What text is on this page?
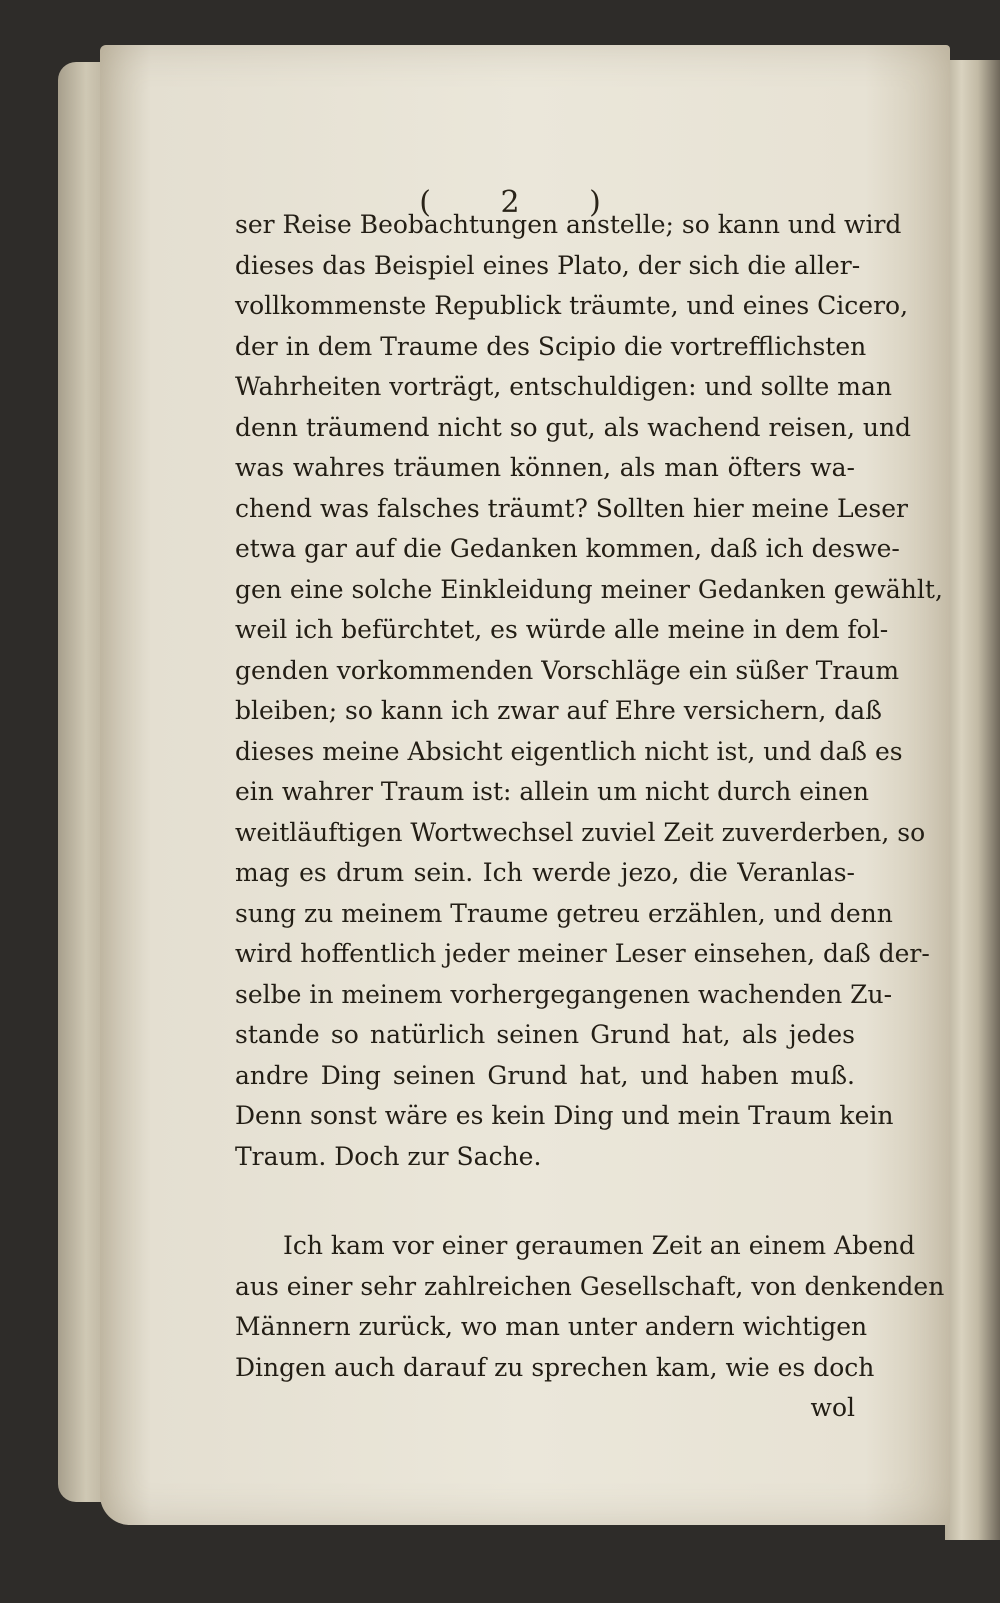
( 2 )
ser Reise Beobachtungen anstelle; so kann und wird
dieses das Beispiel eines Plato, der sich die aller-
vollkommenste Republick träumte, und eines Cicero,
der in dem Traume des Scipio die vortrefflichsten
Wahrheiten vorträgt, entschuldigen: und sollte man
denn träumend nicht so gut, als wachend reisen, und
was wahres träumen können, als man öfters wa-
chend was falsches träumt? Sollten hier meine Leser
etwa gar auf die Gedanken kommen, daß ich deswe-
gen eine solche Einkleidung meiner Gedanken gewählt,
weil ich befürchtet, es würde alle meine in dem fol-
genden vorkommenden Vorschläge ein süßer Traum
bleiben; so kann ich zwar auf Ehre versichern, daß
dieses meine Absicht eigentlich nicht ist, und daß es
ein wahrer Traum ist: allein um nicht durch einen
weitläuftigen Wortwechsel zuviel Zeit zuverderben, so
mag es drum sein. Ich werde jezo, die Veranlas-
sung zu meinem Traume getreu erzählen, und denn
wird hoffentlich jeder meiner Leser einsehen, daß der-
selbe in meinem vorhergegangenen wachenden Zu-
stande so natürlich seinen Grund hat, als jedes
andre Ding seinen Grund hat, und haben muß.
Denn sonst wäre es kein Ding und mein Traum kein
Traum. Doch zur Sache.
Ich kam vor einer geraumen Zeit an einem Abend
aus einer sehr zahlreichen Gesellschaft, von denkenden
Männern zurück, wo man unter andern wichtigen
Dingen auch darauf zu sprechen kam, wie es doch
wol
